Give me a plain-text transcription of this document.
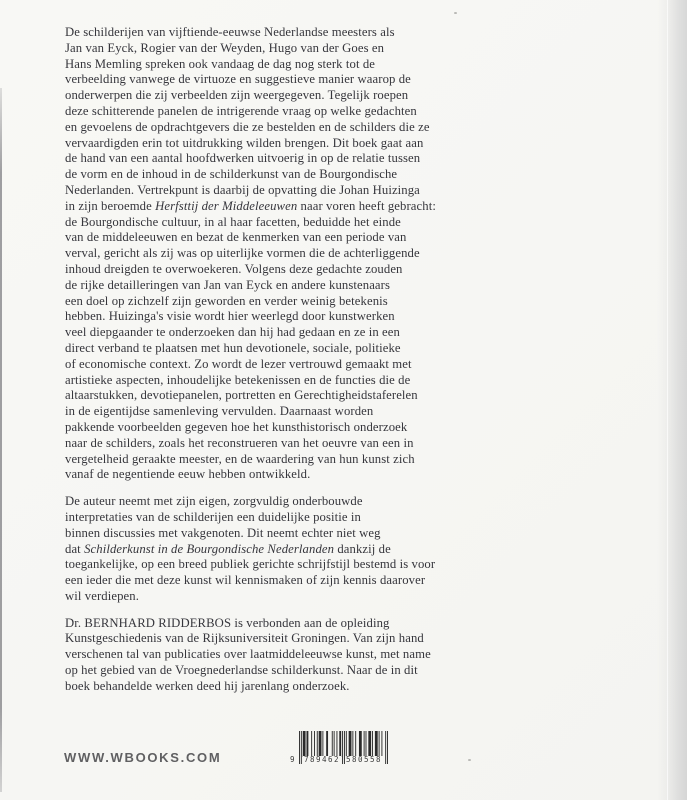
De schilderijen van vijftiende-eeuwse Nederlandse meesters als
Jan van Eyck, Rogier van der Weyden, Hugo van der Goes en
Hans Memling spreken ook vandaag de dag nog sterk tot de
verbeelding vanwege de virtuoze en suggestieve manier waarop de
onderwerpen die zij verbeelden zijn weergegeven. Tegelijk roepen
deze schitterende panelen de intrigerende vraag op welke gedachten
en gevoelens de opdrachtgevers die ze bestelden en de schilders die ze
vervaardigden erin tot uitdrukking wilden brengen. Dit boek gaat aan
de hand van een aantal hoofdwerken uitvoerig in op de relatie tussen
de vorm en de inhoud in de schilderkunst van de Bourgondische
Nederlanden. Vertrekpunt is daarbij de opvatting die Johan Huizinga
in zijn beroemde Herfsttij der Middeleeuwen naar voren heeft gebracht:
de Bourgondische cultuur, in al haar facetten, beduidde het einde
van de middeleeuwen en bezat de kenmerken van een periode van
verval, gericht als zij was op uiterlijke vormen die de achterliggende
inhoud dreigden te overwoekeren. Volgens deze gedachte zouden
de rijke detailleringen van Jan van Eyck en andere kunstenaars
een doel op zichzelf zijn geworden en verder weinig betekenis
hebben. Huizinga's visie wordt hier weerlegd door kunstwerken
veel diepgaander te onderzoeken dan hij had gedaan en ze in een
direct verband te plaatsen met hun devotionele, sociale, politieke
of economische context. Zo wordt de lezer vertrouwd gemaakt met
artistieke aspecten, inhoudelijke betekenissen en de functies die de
altaarstukken, devotiepanelen, portretten en Gerechtigheidstaferelen
in de eigentijdse samenleving vervulden. Daarnaast worden
pakkende voorbeelden gegeven hoe het kunsthistorisch onderzoek
naar de schilders, zoals het reconstrueren van het oeuvre van een in
vergetelheid geraakte meester, en de waardering van hun kunst zich
vanaf de negentiende eeuw hebben ontwikkeld.

De auteur neemt met zijn eigen, zorgvuldig onderbouwde
interpretaties van de schilderijen een duidelijke positie in
binnen discussies met vakgenoten. Dit neemt echter niet weg
dat Schilderkunst in de Bourgondische Nederlanden dankzij de
toegankelijke, op een breed publiek gerichte schrijfstijl bestemd is voor
een ieder die met deze kunst wil kennismaken of zijn kennis daarover
wil verdiepen.

Dr. BERNHARD RIDDERBOS is verbonden aan de opleiding
Kunstgeschiedenis van de Rijksuniversiteit Groningen. Van zijn hand
verschenen tal van publicaties over laatmiddeleeuwse kunst, met name
op het gebied van de Vroegnederlandse schilderkunst. Naar de in dit
boek behandelde werken deed hij jarenlang onderzoek.

WWW.WBOOKS.COM	9 789462 580558
